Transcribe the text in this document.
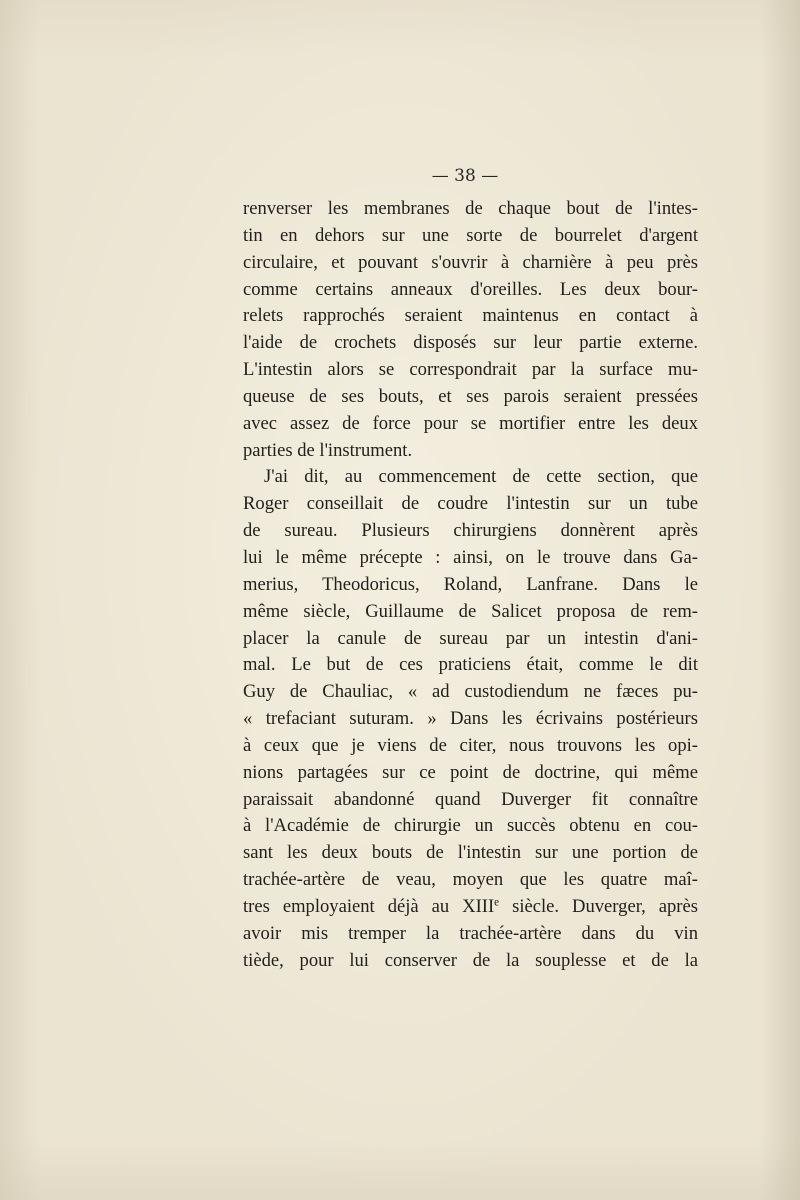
— 38 —
renverser les membranes de chaque bout de l'intes-
tin en dehors sur une sorte de bourrelet d'argent
circulaire, et pouvant s'ouvrir à charnière à peu près
comme certains anneaux d'oreilles. Les deux bour-
relets rapprochés seraient maintenus en contact à
l'aide de crochets disposés sur leur partie externe.
L'intestin alors se correspondrait par la surface mu-
queuse de ses bouts, et ses parois seraient pressées
avec assez de force pour se mortifier entre les deux
parties de l'instrument.
J'ai dit, au commencement de cette section, que
Roger conseillait de coudre l'intestin sur un tube
de sureau. Plusieurs chirurgiens donnèrent après
lui le même précepte : ainsi, on le trouve dans Ga-
merius, Theodoricus, Roland, Lanfrane. Dans le
même siècle, Guillaume de Salicet proposa de rem-
placer la canule de sureau par un intestin d'ani-
mal. Le but de ces praticiens était, comme le dit
Guy de Chauliac, « ad custodiendum ne fæces pu-
« trefaciant suturam. » Dans les écrivains postérieurs
à ceux que je viens de citer, nous trouvons les opi-
nions partagées sur ce point de doctrine, qui même
paraissait abandonné quand Duverger fit connaître
à l'Académie de chirurgie un succès obtenu en cou-
sant les deux bouts de l'intestin sur une portion de
trachée-artère de veau, moyen que les quatre maî-
tres employaient déjà au XIIIe siècle. Duverger, après
avoir mis tremper la trachée-artère dans du vin
tiède, pour lui conserver de la souplesse et de la
